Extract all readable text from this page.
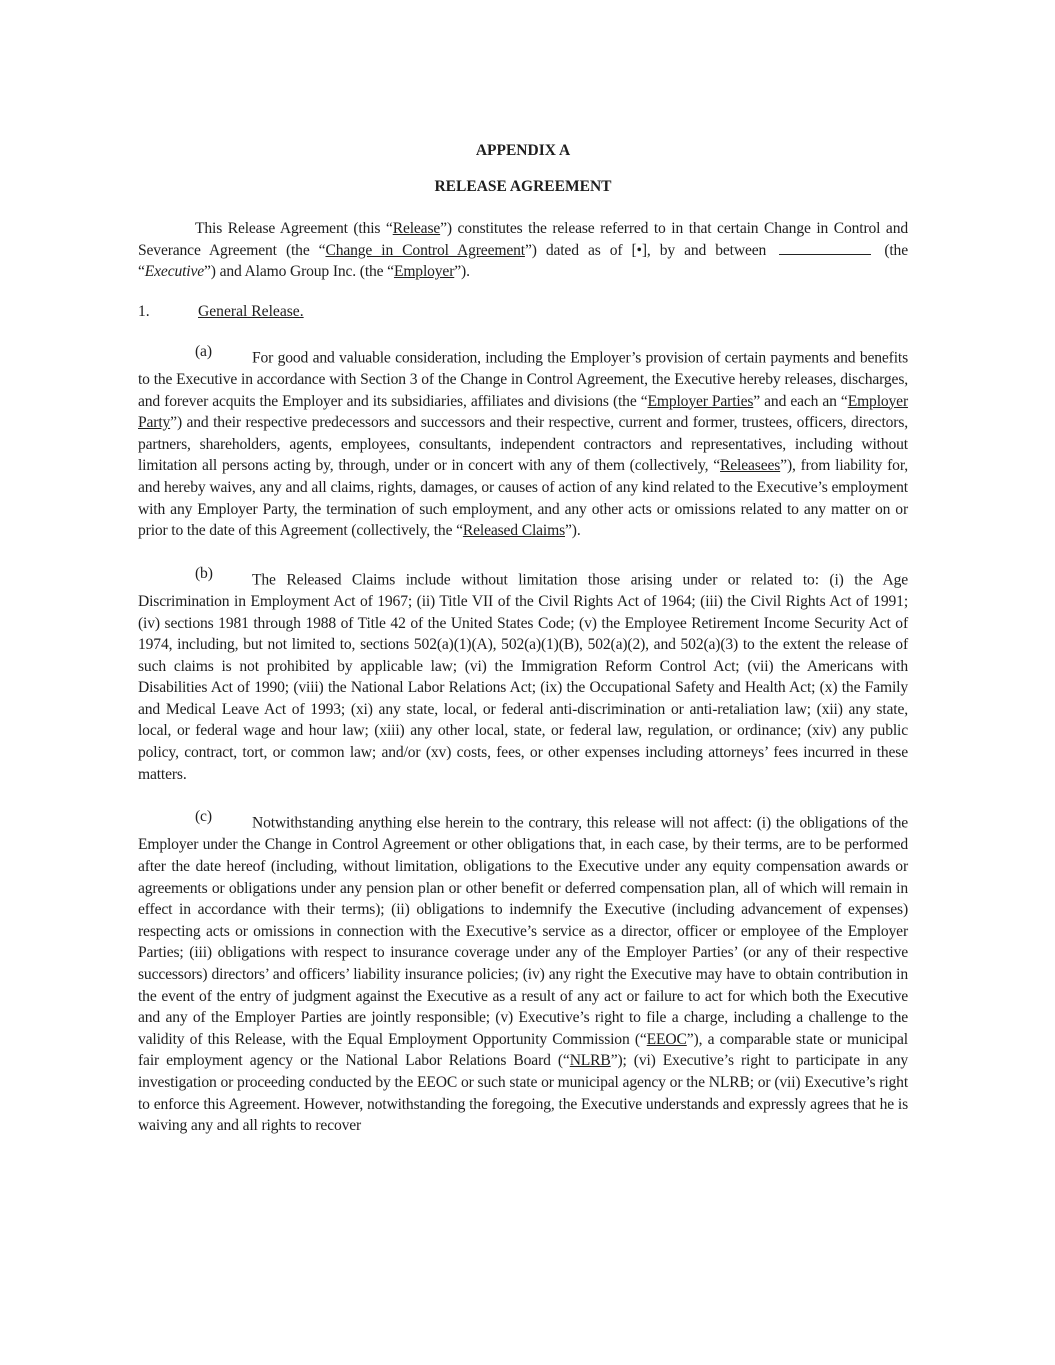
APPENDIX A

RELEASE AGREEMENT

This Release Agreement (this “Release”) constitutes the release referred to in that certain Change in Control and Severance Agreement (the “Change in Control Agreement”) dated as of [•], by and between	(the “Executive”) and Alamo Group Inc. (the “Employer”).

1.	General Release.

(a)	For good and valuable consideration, including the Employer’s provision of certain payments and benefits to the Executive in accordance with Section 3 of the Change in Control Agreement, the Executive hereby releases, discharges, and forever acquits the Employer and its subsidiaries, affiliates and divisions (the “Employer Parties” and each an “Employer Party”) and their respective predecessors and successors and their respective, current and former, trustees, officers, directors, partners, shareholders, agents, employees, consultants, independent contractors and representatives, including without limitation all persons acting by, through, under or in concert with any of them (collectively, “Releasees”), from liability for, and hereby waives, any and all claims, rights, damages, or causes of action of any kind related to the Executive’s employment with any Employer Party, the termination of such employment, and any other acts or omissions related to any matter on or prior to the date of this Agreement (collectively, the “Released Claims”).

(b)	The Released Claims include without limitation those arising under or related to: (i) the Age Discrimination in Employment Act of 1967; (ii) Title VII of the Civil Rights Act of 1964; (iii) the Civil Rights Act of 1991; (iv) sections 1981 through 1988 of Title 42 of the United States Code; (v) the Employee Retirement Income Security Act of 1974, including, but not limited to, sections 502(a)(1)(A), 502(a)(1)(B), 502(a)(2), and 502(a)(3) to the extent the release of such claims is not prohibited by applicable law; (vi) the Immigration Reform Control Act; (vii) the Americans with Disabilities Act of 1990; (viii) the National Labor Relations Act; (ix) the Occupational Safety and Health Act; (x) the Family and Medical Leave Act of 1993; (xi) any state, local, or federal anti-discrimination or anti-retaliation law; (xii) any state, local, or federal wage and hour law; (xiii) any other local, state, or federal law, regulation, or ordinance; (xiv) any public policy, contract, tort, or common law; and/or (xv) costs, fees, or other expenses including attorneys’ fees incurred in these matters.

(c)	Notwithstanding anything else herein to the contrary, this release will not affect: (i) the obligations of the Employer under the Change in Control Agreement or other obligations that, in each case, by their terms, are to be performed after the date hereof (including, without limitation, obligations to the Executive under any equity compensation awards or agreements or obligations under any pension plan or other benefit or deferred compensation plan, all of which will remain in effect in accordance with their terms); (ii) obligations to indemnify the Executive (including advancement of expenses) respecting acts or omissions in connection with the Executive’s service as a director, officer or employee of the Employer Parties; (iii) obligations with respect to insurance coverage under any of the Employer Parties’ (or any of their respective successors) directors’ and officers’ liability insurance policies; (iv) any right the Executive may have to obtain contribution in the event of the entry of judgment against the Executive as a result of any act or failure to act for which both the Executive and any of the Employer Parties are jointly responsible; (v) Executive’s right to file a charge, including a challenge to the validity of this Release, with the Equal Employment Opportunity Commission (“EEOC”), a comparable state or municipal fair employment agency or the National Labor Relations Board (“NLRB”); (vi) Executive’s right to participate in any investigation or proceeding conducted by the EEOC or such state or municipal agency or the NLRB; or (vii) Executive’s right to enforce this Agreement. However, notwithstanding the foregoing, the Executive understands and expressly agrees that he is waiving any and all rights to recover
